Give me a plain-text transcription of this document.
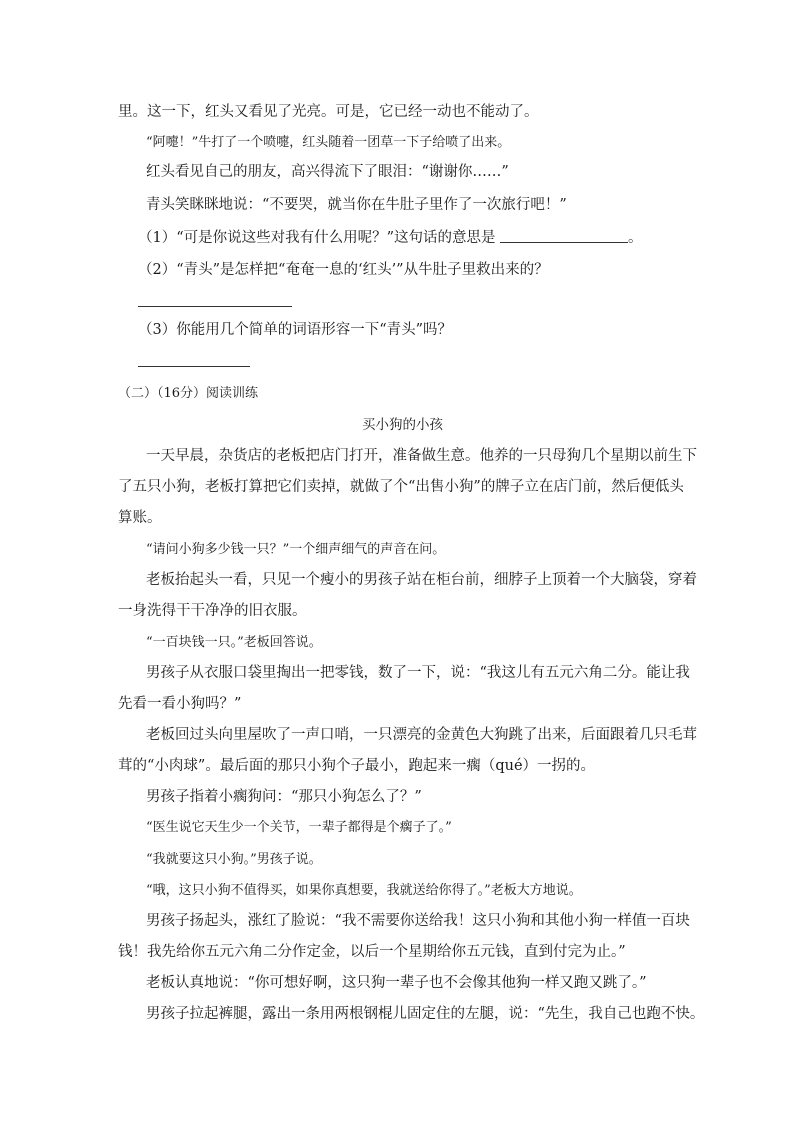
里。这一下，红头又看见了光亮。可是，它已经一动也不能动了。
“阿嚏！”牛打了一个喷嚏，红头随着一团草一下子给喷了出来。
红头看见自己的朋友，高兴得流下了眼泪：“谢谢你……”
青头笑眯眯地说：“不要哭，就当你在牛肚子里作了一次旅行吧！”
（1）“可是你说这些对我有什么用呢？”这句话的意思是	。
（2）“青头”是怎样把“奄奄一息的‘红头’”从牛肚子里救出来的？
（3）你能用几个简单的词语形容一下“青头”吗？
（二）（16分）阅读训练
买小狗的小孩
一天早晨，杂货店的老板把店门打开，准备做生意。他养的一只母狗几个星期以前生下
了五只小狗，老板打算把它们卖掉，就做了个“出售小狗”的牌子立在店门前，然后便低头
算账。
“请问小狗多少钱一只？”一个细声细气的声音在问。
老板抬起头一看，只见一个瘦小的男孩子站在柜台前，细脖子上顶着一个大脑袋，穿着
一身洗得干干净净的旧衣服。
“一百块钱一只。”老板回答说。
男孩子从衣服口袋里掏出一把零钱，数了一下，说：“我这儿有五元六角二分。能让我
先看一看小狗吗？”
老板回过头向里屋吹了一声口哨，一只漂亮的金黄色大狗跳了出来，后面跟着几只毛茸
茸的“小肉球”。最后面的那只小狗个子最小，跑起来一瘸（qué）一拐的。
男孩子指着小瘸狗问：“那只小狗怎么了？”
“医生说它天生少一个关节，一辈子都得是个瘸子了。”
“我就要这只小狗。”男孩子说。
“哦，这只小狗不值得买，如果你真想要，我就送给你得了。”老板大方地说。
男孩子扬起头，涨红了脸说：“我不需要你送给我！这只小狗和其他小狗一样值一百块
钱！我先给你五元六角二分作定金，以后一个星期给你五元钱，直到付完为止。”
老板认真地说：“你可想好啊，这只狗一辈子也不会像其他狗一样又跑又跳了。”
男孩子拉起裤腿，露出一条用两根钢棍儿固定住的左腿，说：“先生，我自己也跑不快。
